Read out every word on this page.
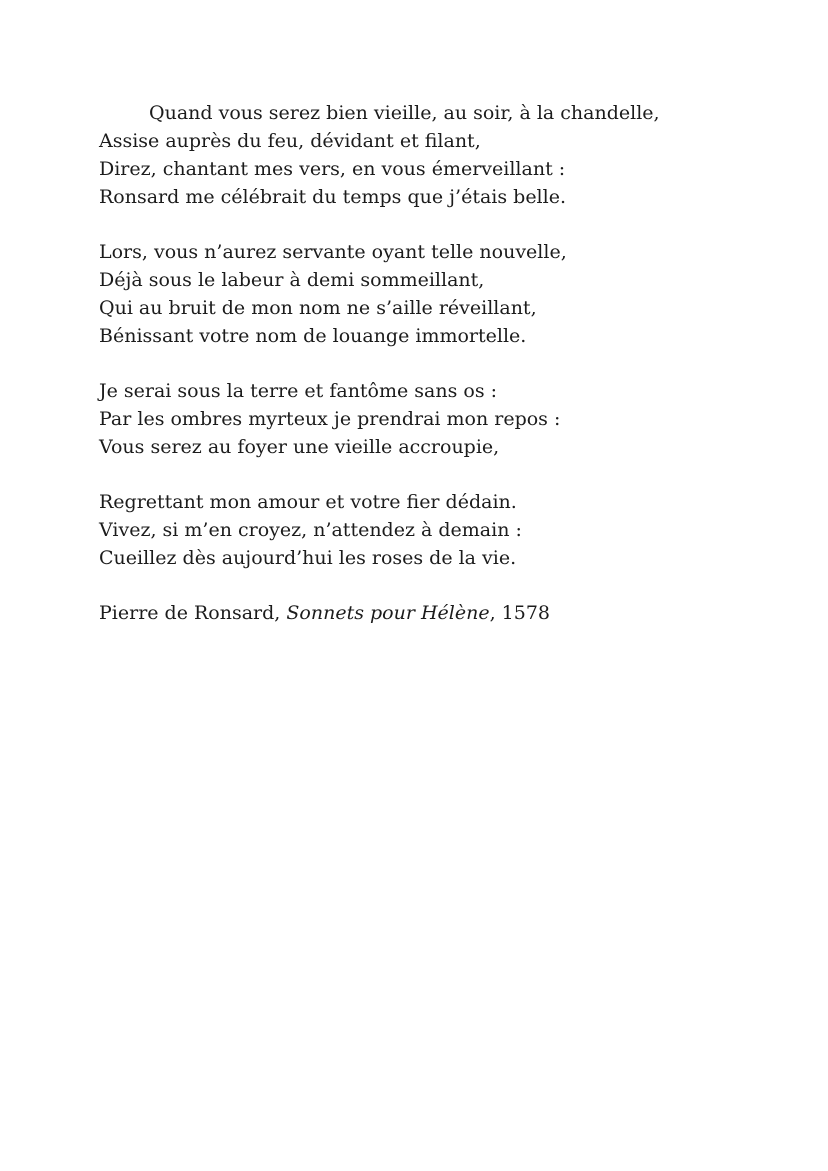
Quand vous serez bien vieille, au soir, à la chandelle,
Assise auprès du feu, dévidant et filant,
Direz, chantant mes vers, en vous émerveillant :
Ronsard me célébrait du temps que j’étais belle.
Lors, vous n’aurez servante oyant telle nouvelle,
Déjà sous le labeur à demi sommeillant,
Qui au bruit de mon nom ne s’aille réveillant,
Bénissant votre nom de louange immortelle.
Je serai sous la terre et fantôme sans os :
Par les ombres myrteux je prendrai mon repos :
Vous serez au foyer une vieille accroupie,
Regrettant mon amour et votre fier dédain.
Vivez, si m’en croyez, n’attendez à demain :
Cueillez dès aujourd’hui les roses de la vie.
Pierre de Ronsard, Sonnets pour Hélène, 1578
